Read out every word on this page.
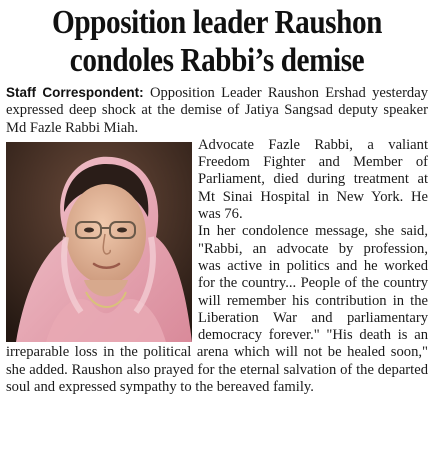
Opposition leader Raushon
condoles Rabbi’s demise

Staff Correspondent: Opposition Leader Raushon Ershad yesterday expressed deep shock at the demise of Jatiya Sangsad deputy speaker Md Fazle Rabbi Miah.

Advocate Fazle Rabbi, a valiant Freedom Fighter and Member of Parliament, died during treatment at Mt Sinai Hospital in New York. He was 76.

In her condolence message, she said, "Rabbi, an advocate by profession, was active in politics and he worked for the country... People of the country will remember his contribution in the Liberation War and parliamentary democracy forever." "His death is an irreparable loss in the political arena which will not be healed soon," she added. Raushon also prayed for the eternal salvation of the departed soul and expressed sympathy to the bereaved family.
